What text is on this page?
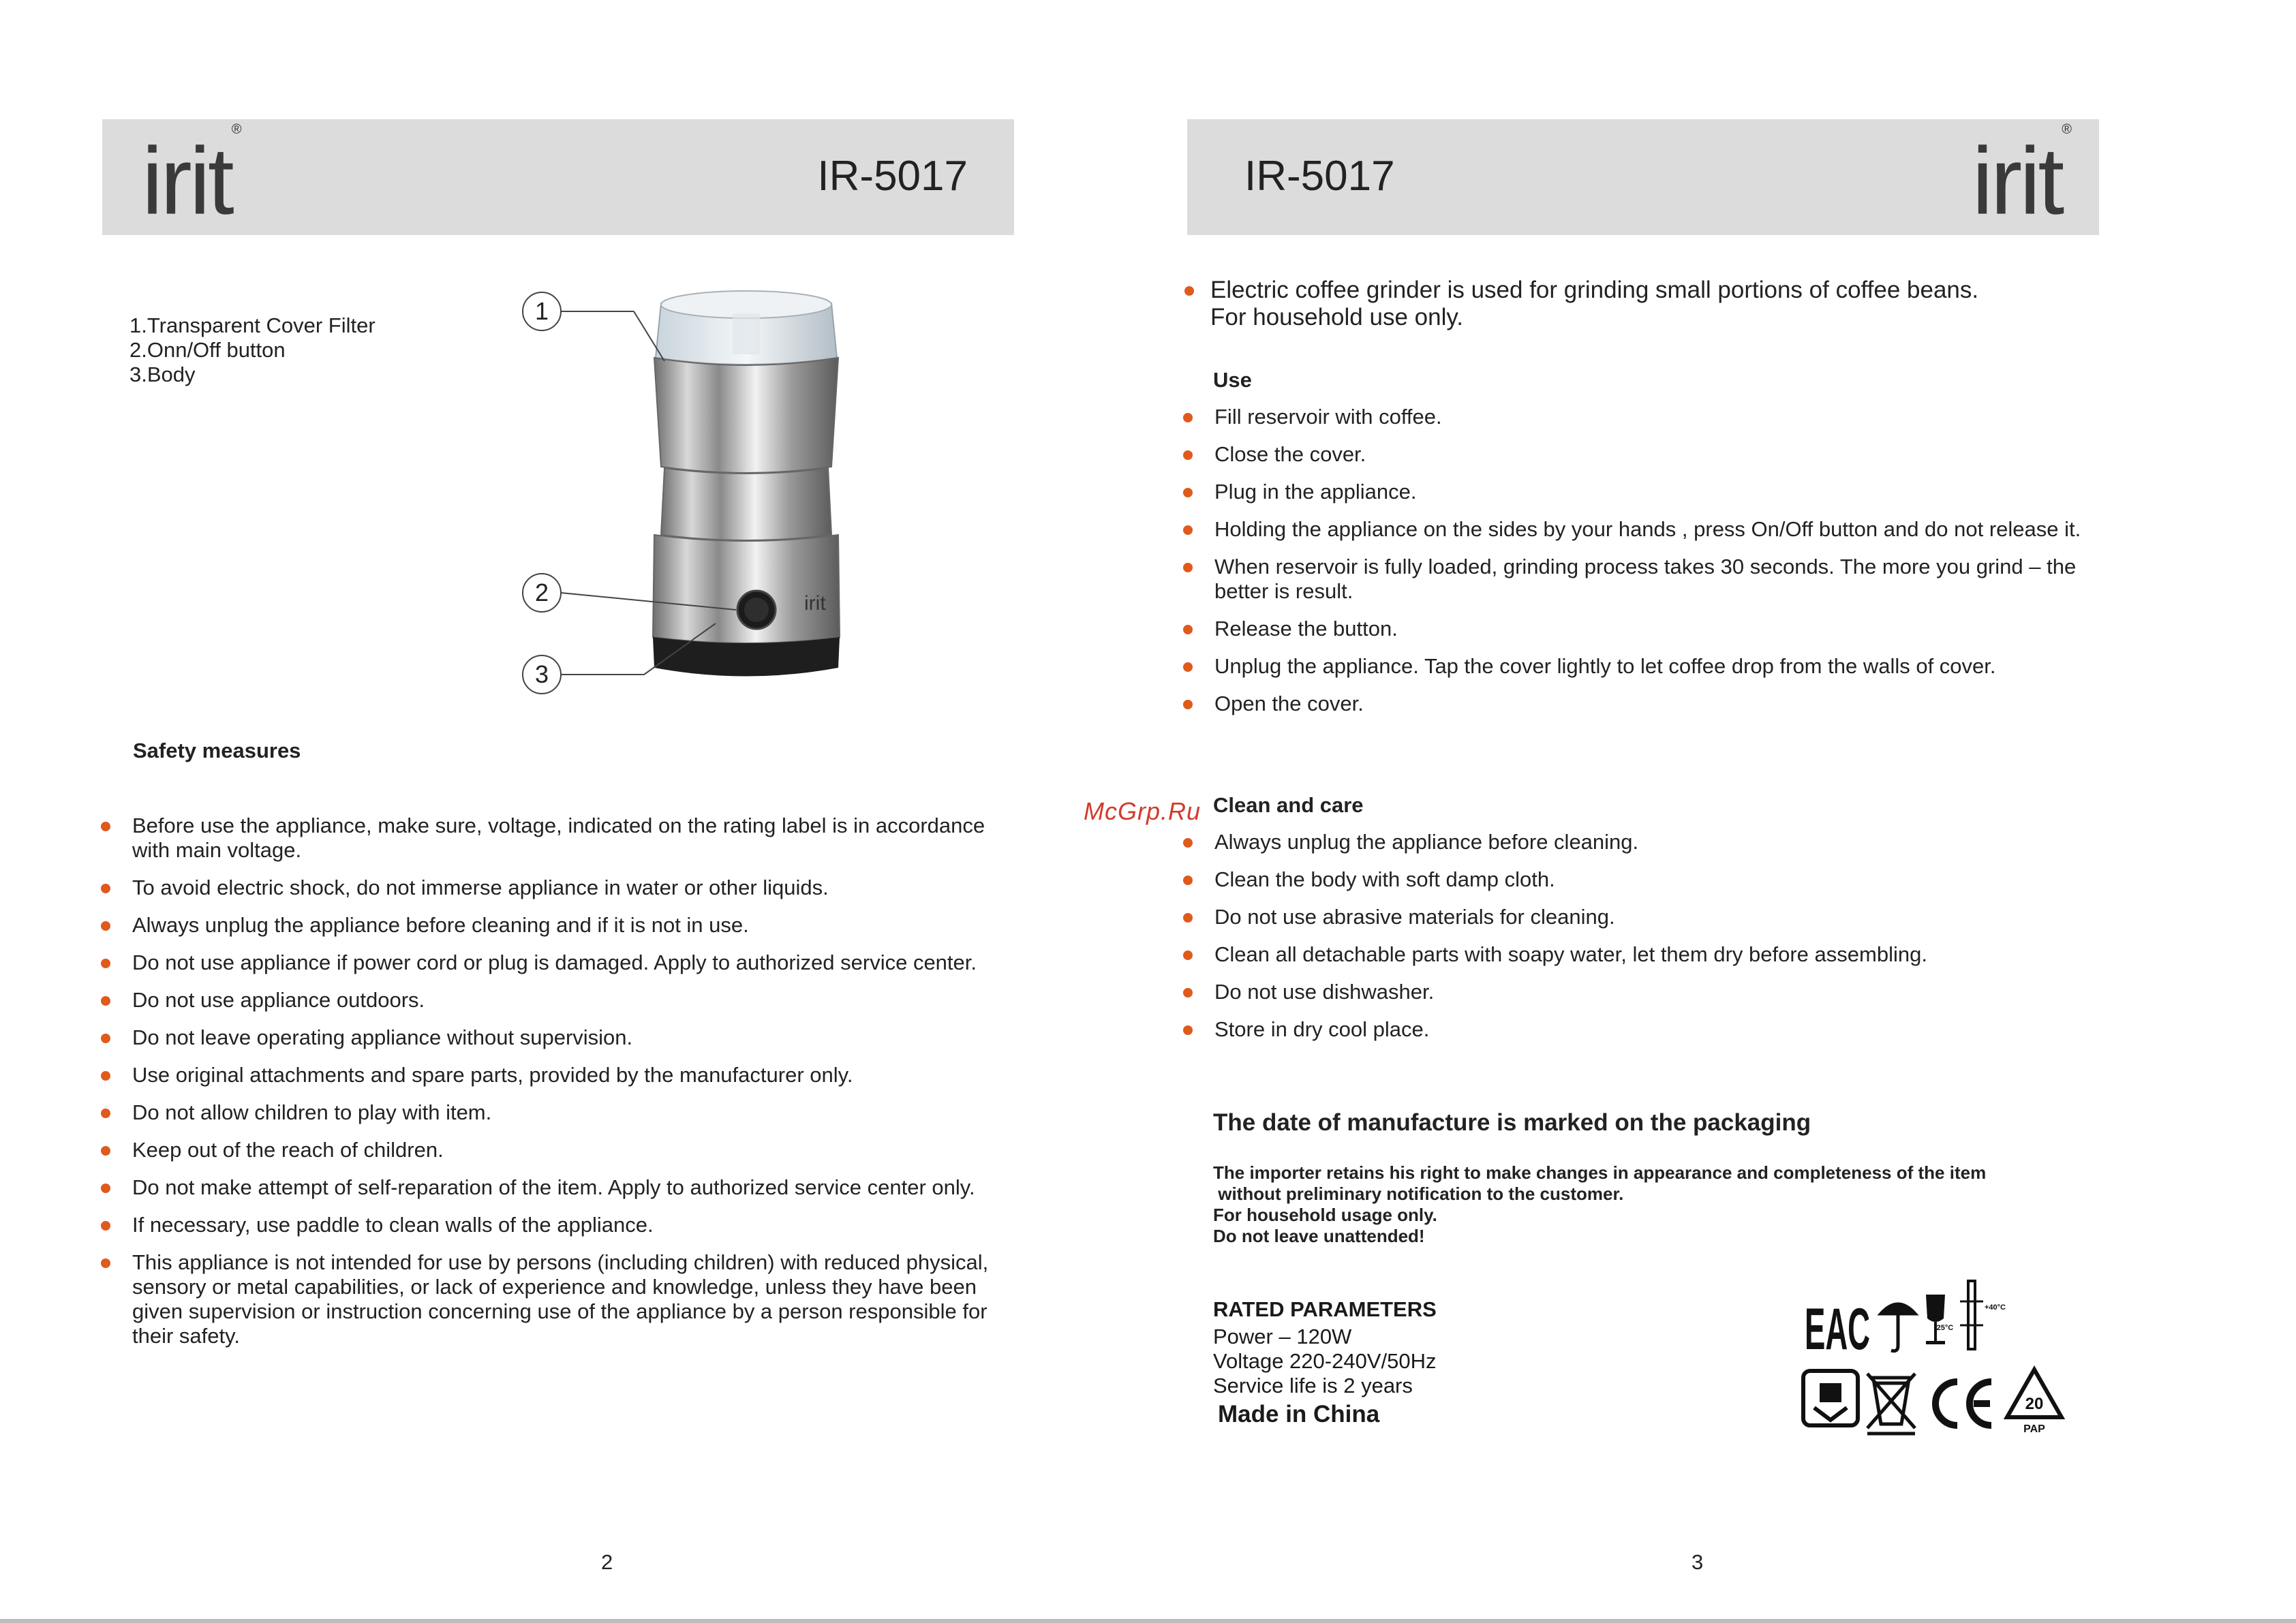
irit®
IR-5017	IR-5017	irit®
1.Transparent Cover Filter
2.Onn/Off button
3.Body
irit
1
2
3
Safety measures
Before use the appliance, make sure, voltage, indicated on the rating label is in accordance with main voltage.
To avoid electric shock, do not immerse appliance in water or other liquids.
Always unplug the appliance before cleaning and if it is not in use.
Do not use appliance if power cord or plug is damaged. Apply to authorized service center.
Do not use appliance outdoors.
Do not leave operating appliance without supervision.
Use original attachments and spare parts, provided by the manufacturer only.
Do not allow children to play with item.
Keep out of the reach of children.
Do not make attempt of self-reparation of the item. Apply to authorized service center only.
If necessary, use paddle to clean walls of the appliance.
This appliance is not intended for use by persons (including children) with reduced physical, sensory or metal capabilities, or lack of experience and knowledge, unless they have been given supervision or instruction concerning use of the appliance by a person responsible for their safety.
2
Electric coffee grinder is used for grinding small portions of coffee beans.
For household use only.
Use
Fill reservoir with coffee.
Close the cover.
Plug in the appliance.
Holding the appliance on the sides by your hands , press On/Off button and do not release it.
When reservoir is fully loaded, grinding process takes 30 seconds. The more you grind – the better is result.
Release the button.
Unplug the appliance. Tap the cover lightly to let coffee drop from the walls of cover.
Open the cover.
McGrp.Ru Clean and care
Always unplug the appliance before cleaning.
Clean the body with soft damp cloth.
Do not use abrasive materials for cleaning.
Clean all detachable parts with soapy water, let them dry before assembling.
Do not use dishwasher.
Store in dry cool place.
The date of manufacture is marked on the packaging
The importer retains his right to make changes in appearance and completeness of the item
without preliminary notification to the customer.
For household usage only.
Do not leave unattended!
RATED PARAMETERS
Power – 120W
Voltage 220-240V/50Hz
Service life is 2 years
Made in China
EAC	+40°C
-25°C
20
PAP
3
